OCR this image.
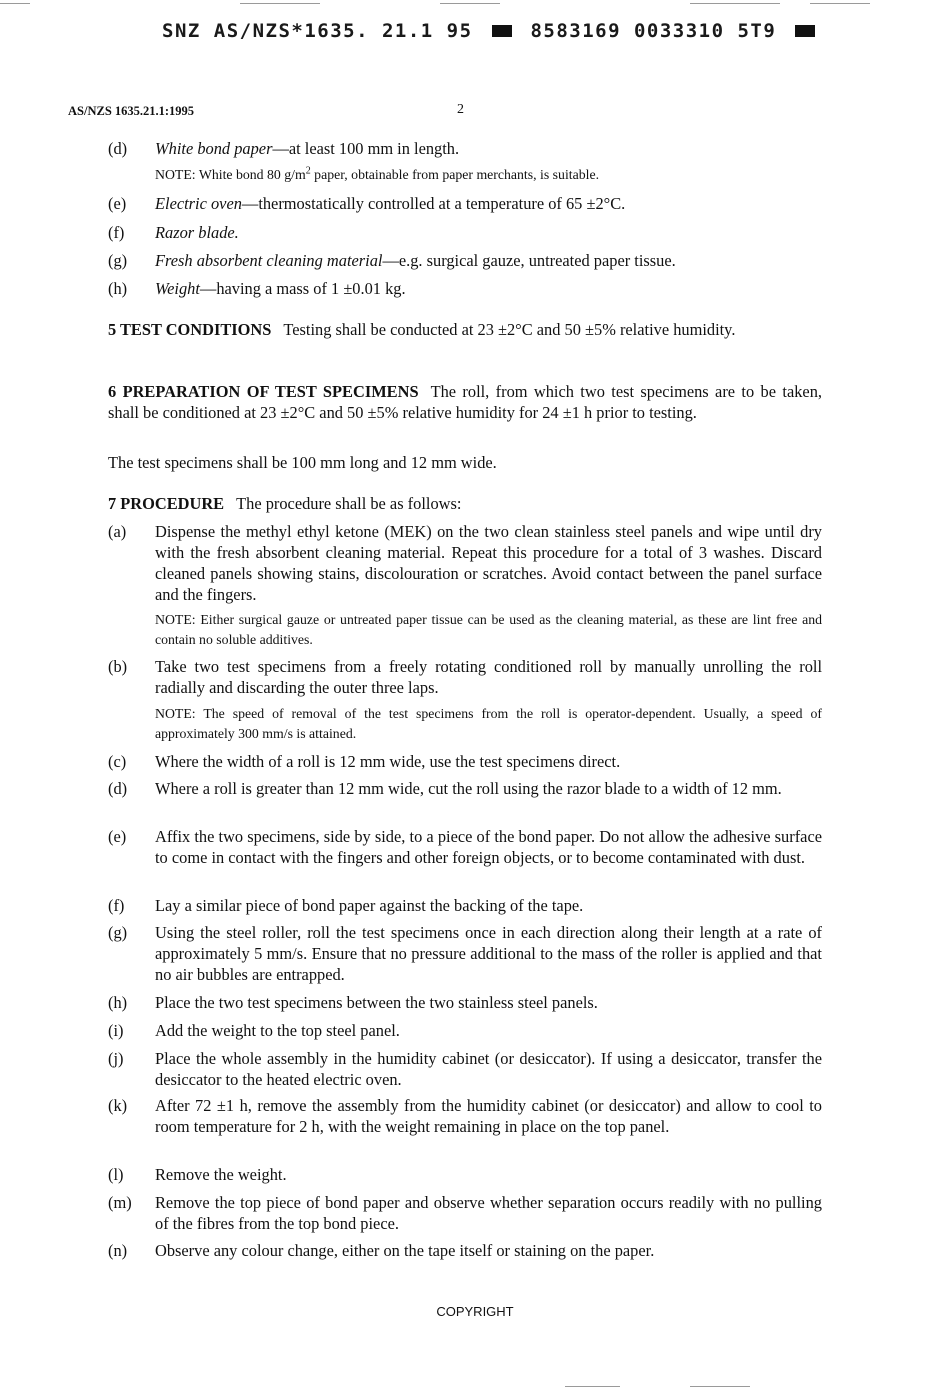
SNZ AS/NZS*1635. 21.1 95	8583169 0033310 5T9
AS/NZS 1635.21.1:1995	2
(d) White bond paper—at least 100 mm in length.
NOTE: White bond 80 $g/m^2$ paper, obtainable from paper merchants, is suitable.
(e) Electric oven—thermostatically controlled at a temperature of 65 ±2°C.
(f) Razor blade.
(g) Fresh absorbent cleaning material—e.g. surgical gauze, untreated paper tissue.
(h) Weight—having a mass of 1 ±0.01 kg.
5 TEST CONDITIONS Testing shall be conducted at 23 ±2°C and 50 ±5% relative humidity.
6 PREPARATION OF TEST SPECIMENS The roll, from which two test specimens are to be taken, shall be conditioned at 23 ±2°C and 50 ±5% relative humidity for 24 ±1 h prior to testing.
The test specimens shall be 100 mm long and 12 mm wide.
7 PROCEDURE The procedure shall be as follows:
(a) Dispense the methyl ethyl ketone (MEK) on the two clean stainless steel panels and wipe until dry with the fresh absorbent cleaning material. Repeat this procedure for a total of 3 washes. Discard cleaned panels showing stains, discolouration or scratches. Avoid contact between the panel surface and the fingers.
NOTE: Either surgical gauze or untreated paper tissue can be used as the cleaning material, as these are lint free and contain no soluble additives.
(b) Take two test specimens from a freely rotating conditioned roll by manually unrolling the roll radially and discarding the outer three laps.
NOTE: The speed of removal of the test specimens from the roll is operator-dependent. Usually, a speed of approximately 300 mm/s is attained.
(c) Where the width of a roll is 12 mm wide, use the test specimens direct.
(d) Where a roll is greater than 12 mm wide, cut the roll using the razor blade to a width of 12 mm.
(e) Affix the two specimens, side by side, to a piece of the bond paper. Do not allow the adhesive surface to come in contact with the fingers and other foreign objects, or to become contaminated with dust.
(f) Lay a similar piece of bond paper against the backing of the tape.
(g) Using the steel roller, roll the test specimens once in each direction along their length at a rate of approximately 5 mm/s. Ensure that no pressure additional to the mass of the roller is applied and that no air bubbles are entrapped.
(h) Place the two test specimens between the two stainless steel panels.
(i) Add the weight to the top steel panel.
(j) Place the whole assembly in the humidity cabinet (or desiccator). If using a desiccator, transfer the desiccator to the heated electric oven.
(k) After 72 ±1 h, remove the assembly from the humidity cabinet (or desiccator) and allow to cool to room temperature for 2 h, with the weight remaining in place on the top panel.
(l) Remove the weight.
(m) Remove the top piece of bond paper and observe whether separation occurs readily with no pulling of the fibres from the top bond piece.
(n) Observe any colour change, either on the tape itself or staining on the paper.
COPYRIGHT
